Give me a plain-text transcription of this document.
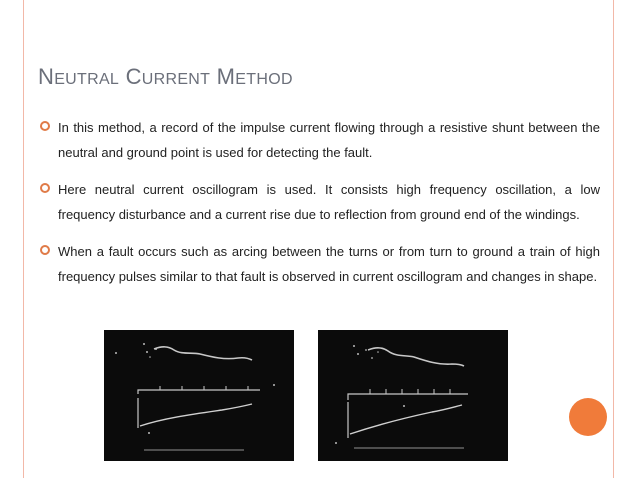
NEUTRAL CURRENT METHOD
In this method, a record of the impulse current flowing through a resistive shunt between the neutral and ground point is used for detecting the fault.
Here neutral current oscillogram is used. It consists high frequency oscillation, a low frequency disturbance and a current rise due to reflection from ground end of the windings.
When a fault occurs such as arcing between the turns or from turn to ground a train of high frequency pulses similar to that fault is observed in current oscillogram and changes in shape.
